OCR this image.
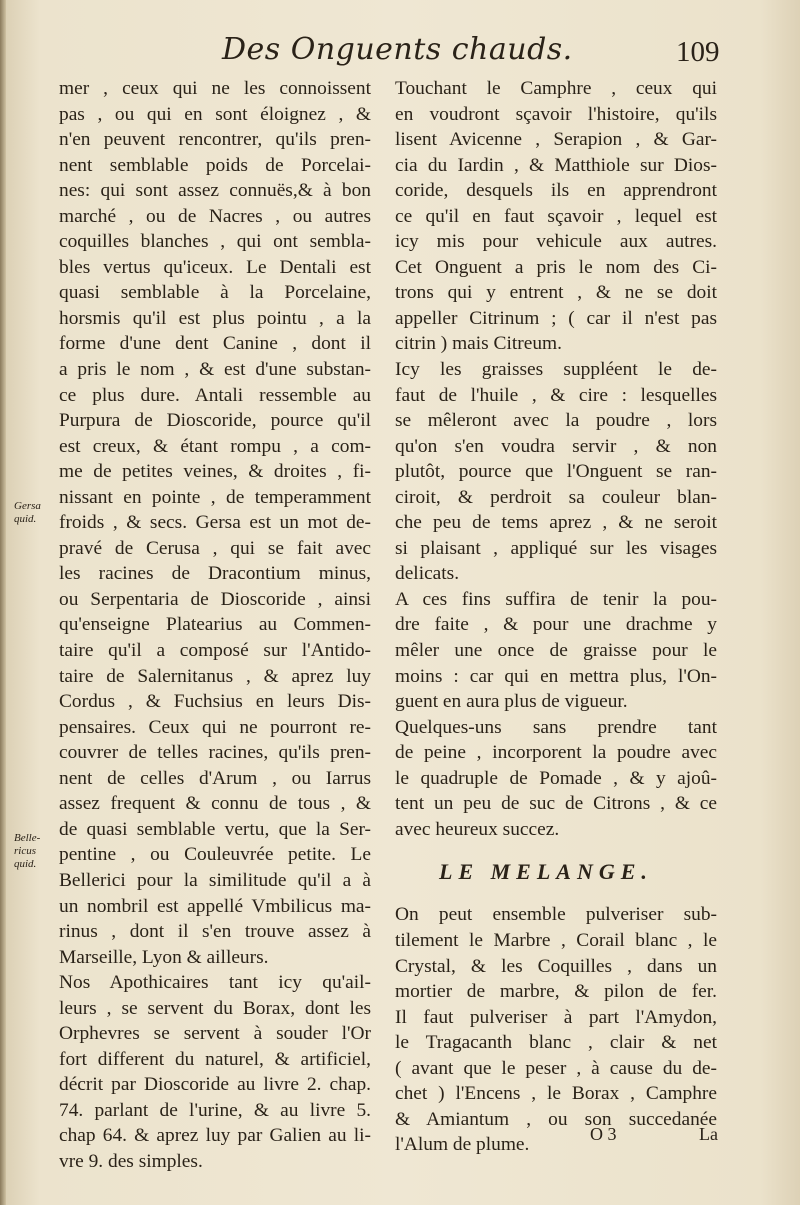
Des Onguents chauds.	109
mer , ceux qui ne les connoissent
pas , ou qui en sont éloignez , &
n'en peuvent rencontrer, qu'ils pren-
nent semblable poids de Porcelai-
nes: qui sont assez connuës,& à bon
marché , ou de Nacres , ou autres
coquilles blanches , qui ont sembla-
bles vertus qu'iceux. Le Dentali est
quasi semblable à la Porcelaine,
horsmis qu'il est plus pointu , a la
forme d'une dent Canine , dont il
a pris le nom , & est d'une substan-
ce plus dure. Antali ressemble au
Purpura de Dioscoride, pource qu'il
est creux, & étant rompu , a com-
me de petites veines, & droites , fi-
nissant en pointe , de temperamment
froids , & secs. Gersa est un mot de-
pravé de Cerusa , qui se fait avec
les racines de Dracontium minus,
ou Serpentaria de Dioscoride , ainsi
qu'enseigne Platearius au Commen-
taire qu'il a composé sur l'Antido-
taire de Salernitanus , & aprez luy
Cordus , & Fuchsius en leurs Dis-
pensaires. Ceux qui ne pourront re-
couvrer de telles racines, qu'ils pren-
nent de celles d'Arum , ou Iarrus
assez frequent & connu de tous , &
de quasi semblable vertu, que la Ser-
pentine , ou Couleuvrée petite. Le
Bellerici pour la similitude qu'il a à
un nombril est appellé Vmbilicus ma-
rinus , dont il s'en trouve assez à
Marseille, Lyon & ailleurs.
Nos Apothicaires tant icy qu'ail-
leurs , se servent du Borax, dont les
Orphevres se servent à souder l'Or
fort different du naturel, & artificiel,
décrit par Dioscoride au livre 2. chap.
74. parlant de l'urine, & au livre 5.
chap 64. & aprez luy par Galien au li-
vre 9. des simples.
Touchant le Camphre , ceux qui
en voudront sçavoir l'histoire, qu'ils
lisent Avicenne , Serapion , & Gar-
cia du Iardin , & Matthiole sur Dios-
coride, desquels ils en apprendront
ce qu'il en faut sçavoir , lequel est
icy mis pour vehicule aux autres.
Cet Onguent a pris le nom des Ci-
trons qui y entrent , & ne se doit
appeller Citrinum ; ( car il n'est pas
citrin ) mais Citreum.
Icy les graisses suppléent le de-
faut de l'huile , & cire : lesquelles
se mêleront avec la poudre , lors
qu'on s'en voudra servir , & non
plutôt, pource que l'Onguent se ran-
ciroit, & perdroit sa couleur blan-
che peu de tems aprez , & ne seroit
si plaisant , appliqué sur les visages
delicats.
A ces fins suffira de tenir la pou-
dre faite , & pour une drachme y
mêler une once de graisse pour le
moins : car qui en mettra plus, l'On-
guent en aura plus de vigueur.
Quelques-uns sans prendre tant
de peine , incorporent la poudre avec
le quadruple de Pomade , & y ajoû-
tent un peu de suc de Citrons , & ce
avec heureux succez.
LE MELANGE.
On peut ensemble pulveriser sub-
tilement le Marbre , Corail blanc , le
Crystal, & les Coquilles , dans un
mortier de marbre, & pilon de fer.
Il faut pulveriser à part l'Amydon,
le Tragacanth blanc , clair & net
( avant que le peser , à cause du de-
chet ) l'Encens , le Borax , Camphre
& Amiantum , ou son succedanée
l'Alum de plume.
Gersa quid.
Belle-ricus quid.
O 3	La
